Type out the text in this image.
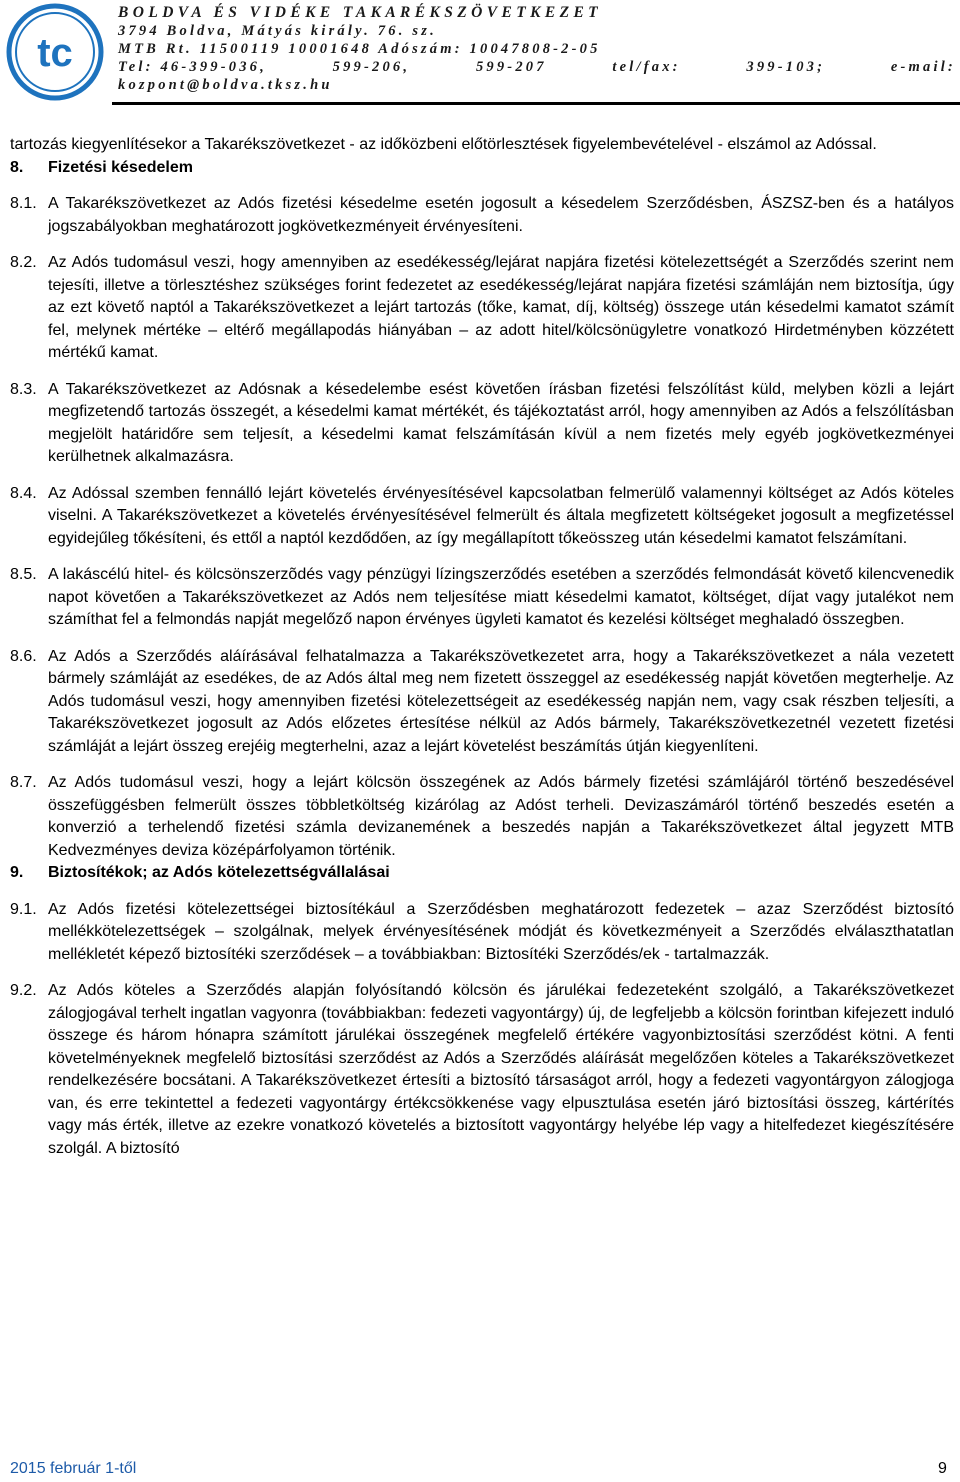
tc
BOLDVA ÉS VIDÉKE TAKARÉKSZÖVETKEZET
3794 Boldva, Mátyás király. 76. sz.
MTB Rt. 11500119 10001648 Adószám: 10047808-2-05
Tel: 46-399-036,	599-206,	599-207	tel/fax:	399-103;	e-mail:
kozpont@boldva.tksz.hu
tartozás kiegyenlítésekor a Takarékszövetkezet - az időközbeni előtörlesztések figyelembevételével - elszámol az Adóssal.
8.	Fizetési késedelem
8.1. A Takarékszövetkezet az Adós fizetési késedelme esetén jogosult a késedelem Szerződésben, ÁSZSZ-ben és a hatályos jogszabályokban meghatározott jogkövetkezményeit érvényesíteni.
8.2. Az Adós tudomásul veszi, hogy amennyiben az esedékesség/lejárat napjára fizetési kötelezettségét a Szerződés szerint nem tejesíti, illetve a törlesztéshez szükséges forint fedezetet az esedékesség/lejárat napjára fizetési számláján nem biztosítja, úgy az ezt követő naptól a Takarékszövetkezet a lejárt tartozás (tőke, kamat, díj, költség) összege után késedelmi kamatot számít fel, melynek mértéke – eltérő megállapodás hiányában – az adott hitel/kölcsönügyletre vonatkozó Hirdetményben közzétett mértékű kamat.
8.3. A Takarékszövetkezet az Adósnak a késedelembe esést követően írásban fizetési felszólítást küld, melyben közli a lejárt megfizetendő tartozás összegét, a késedelmi kamat mértékét, és tájékoztatást arról, hogy amennyiben az Adós a felszólításban megjelölt határidőre sem teljesít, a késedelmi kamat felszámításán kívül a nem fizetés mely egyéb jogkövetkezményei kerülhetnek alkalmazásra.
8.4. Az Adóssal szemben fennálló lejárt követelés érvényesítésével kapcsolatban felmerülő valamennyi költséget az Adós köteles viselni. A Takarékszövetkezet a követelés érvényesítésével felmerült és általa megfizetett költségeket jogosult a megfizetéssel egyidejűleg tőkésíteni, és ettől a naptól kezdődően, az így megállapított tőkeösszeg után késedelmi kamatot felszámítani.
8.5. A lakáscélú hitel- és kölcsönszerzõdés vagy pénzügyi lízingszerződés esetében a szerződés felmondását követő kilencvenedik napot követően a Takarékszövetkezet az Adós nem teljesítése miatt késedelmi kamatot, költséget, díjat vagy jutalékot nem számíthat fel a felmondás napját megelőző napon érvényes ügyleti kamatot és kezelési költséget meghaladó összegben.
8.6. Az Adós a Szerződés aláírásával felhatalmazza a Takarékszövetkezetet arra, hogy a Takarékszövetkezet a nála vezetett bármely számláját az esedékes, de az Adós által meg nem fizetett összeggel az esedékesség napját követően megterhelje. Az Adós tudomásul veszi, hogy amennyiben fizetési kötelezettségeit az esedékesség napján nem, vagy csak részben teljesíti, a Takarékszövetkezet jogosult az Adós előzetes értesítése nélkül az Adós bármely, Takarékszövetkezetnél vezetett fizetési számláját a lejárt összeg erejéig megterhelni, azaz a lejárt követelést beszámítás útján kiegyenlíteni.
8.7. Az Adós tudomásul veszi, hogy a lejárt kölcsön összegének az Adós bármely fizetési számlájáról történő beszedésével összefüggésben felmerült összes többletköltség kizárólag az Adóst terheli. Devizaszámáról történő beszedés esetén a konverzió a terhelendő fizetési számla devizanemének a beszedés napján a Takarékszövetkezet által jegyzett MTB Kedvezményes deviza középárfolyamon történik.
9.	Biztosítékok; az Adós kötelezettségvállalásai
9.1. Az Adós fizetési kötelezettségei biztosítékául a Szerződésben meghatározott fedezetek – azaz Szerződést biztosító mellékkötelezettségek – szolgálnak, melyek érvényesítésének módját és következményeit a Szerződés elválaszthatatlan mellékletét képező biztosítéki szerződések – a továbbiakban: Biztosítéki Szerződés/ek - tartalmazzák.
9.2. Az Adós köteles a Szerződés alapján folyósítandó kölcsön és járulékai fedezeteként szolgáló, a Takarékszövetkezet zálogjogával terhelt ingatlan vagyonra (továbbiakban: fedezeti vagyontárgy) új, de legfeljebb a kölcsön forintban kifejezett induló összege és három hónapra számított járulékai összegének megfelelő értékére vagyonbiztosítási szerződést kötni. A fenti követelményeknek megfelelő biztosítási szerződést az Adós a Szerződés aláírását megelőzően köteles a Takarékszövetkezet rendelkezésére bocsátani. A Takarékszövetkezet értesíti a biztosító társaságot arról, hogy a fedezeti vagyontárgyon zálogjoga van, és erre tekintettel a fedezeti vagyontárgy értékcsökkenése vagy elpusztulása esetén járó biztosítási összeg, kártérítés vagy más érték, illetve az ezekre vonatkozó követelés a biztosított vagyontárgy helyébe lép vagy a hitelfedezet kiegészítésére szolgál. A biztosító
2015 február 1-től	9
